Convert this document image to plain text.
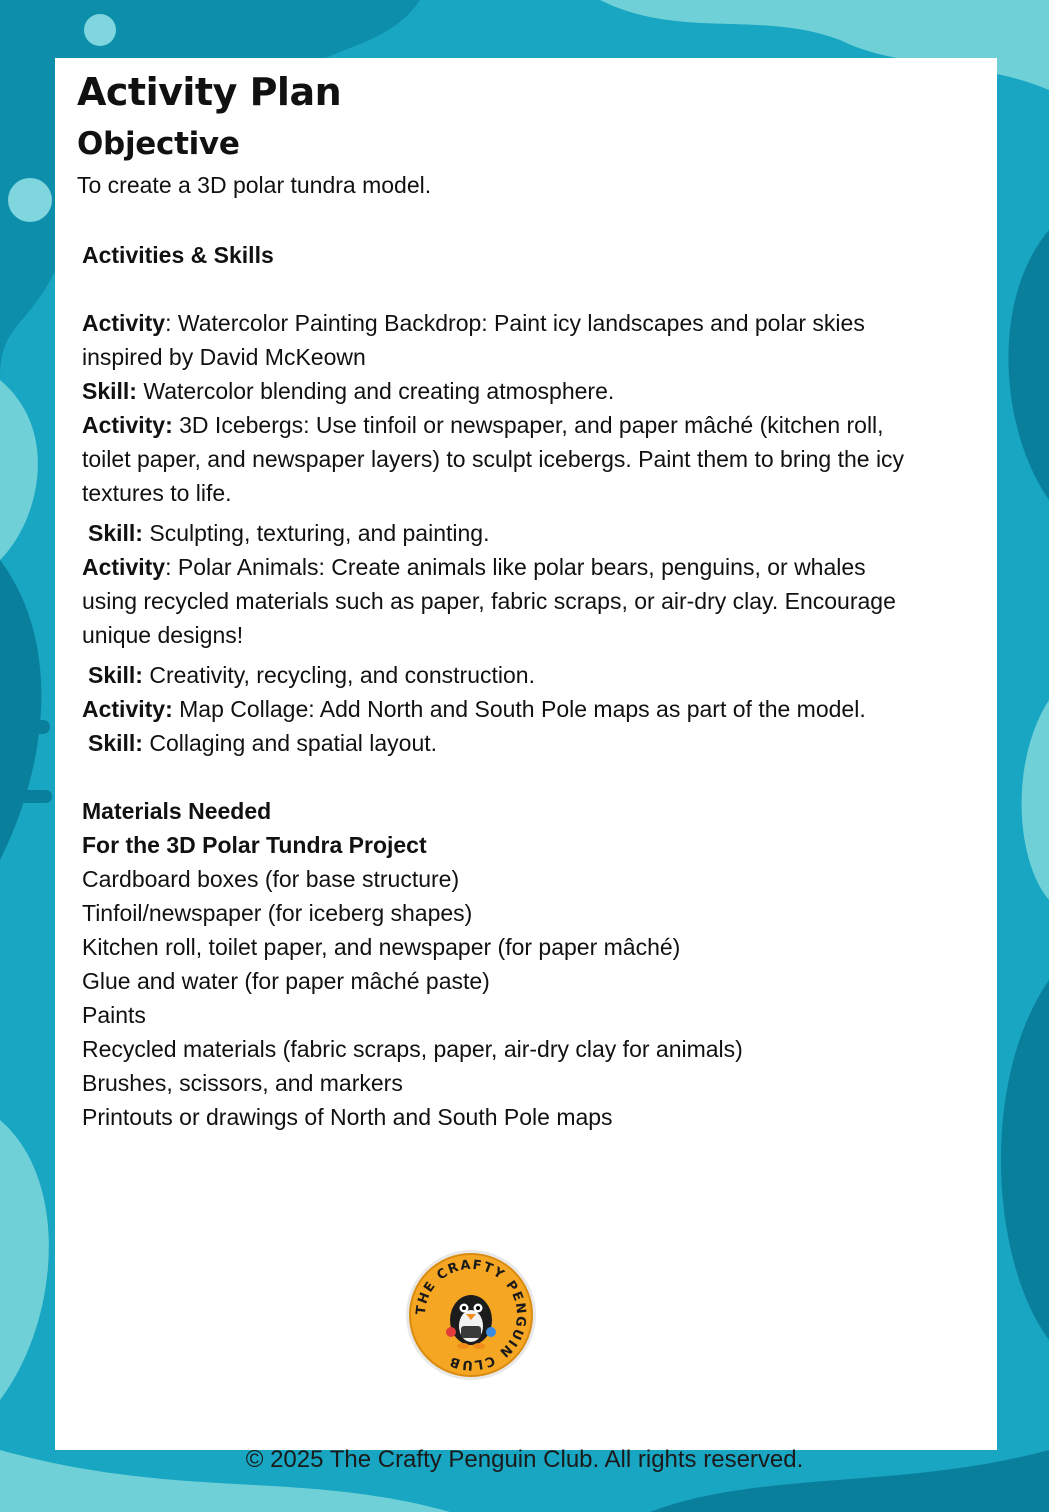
Activity Plan
Objective
To create a 3D polar tundra model.

Activities & Skills

Activity: Watercolor Painting Backdrop: Paint icy landscapes and polar skies inspired by David McKeown

Skill: Watercolor blending and creating atmosphere.

Activity: 3D Icebergs: Use tinfoil or newspaper, and paper mâché (kitchen roll, toilet paper, and newspaper layers) to sculpt icebergs. Paint them to bring the icy textures to life.

Skill: Sculpting, texturing, and painting.

Activity: Polar Animals: Create animals like polar bears, penguins, or whales using recycled materials such as paper, fabric scraps, or air-dry clay. Encourage unique designs!

Skill: Creativity, recycling, and construction.

Activity: Map Collage: Add North and South Pole maps as part of the model.

Skill: Collaging and spatial layout.

Materials Needed

For the 3D Polar Tundra Project

Cardboard boxes (for base structure)

Tinfoil/newspaper (for iceberg shapes)

Kitchen roll, toilet paper, and newspaper (for paper mâché)

Glue and water (for paper mâché paste)

Paints

Recycled materials (fabric scraps, paper, air-dry clay for animals)

Brushes, scissors, and markers

Printouts or drawings of North and South Pole maps

THE CRAFTY PENGUIN CLUB
© 2025 The Crafty Penguin Club. All rights reserved.
